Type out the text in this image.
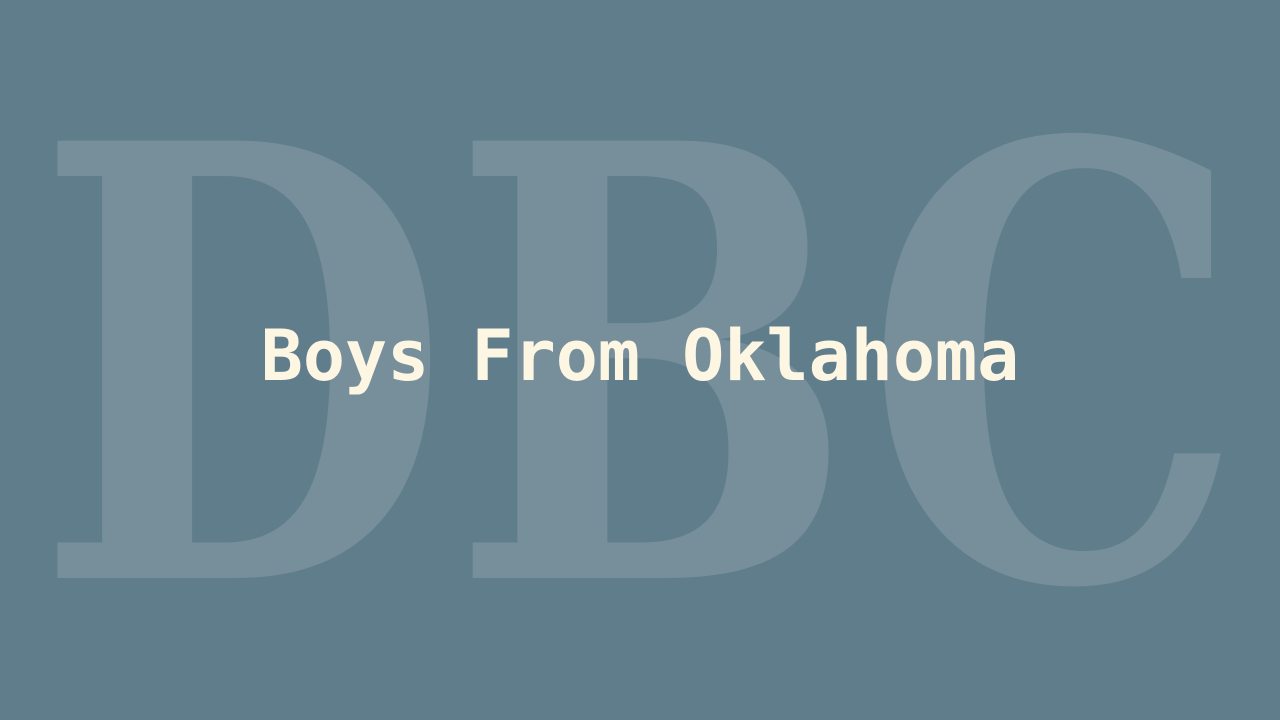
DBC
Boys From Oklahoma
